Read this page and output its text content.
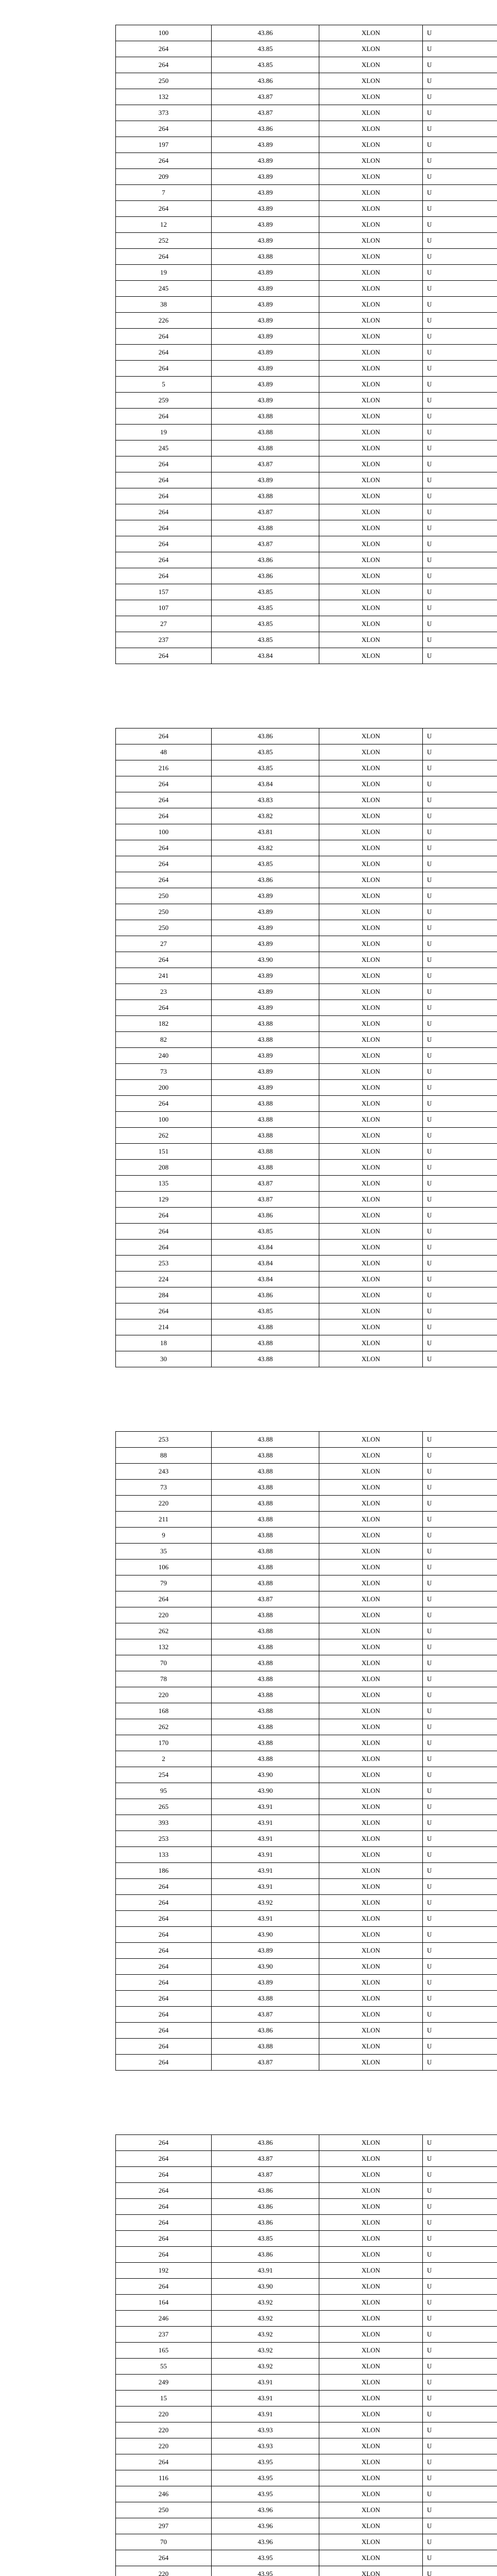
100	43.86	XLON	U
264	43.85	XLON	U
264	43.85	XLON	U
250	43.86	XLON	U
132	43.87	XLON	U
373	43.87	XLON	U
264	43.86	XLON	U
197	43.89	XLON	U
264	43.89	XLON	U
209	43.89	XLON	U
7	43.89	XLON	U
264	43.89	XLON	U
12	43.89	XLON	U
252	43.89	XLON	U
264	43.88	XLON	U
19	43.89	XLON	U
245	43.89	XLON	U
38	43.89	XLON	U
226	43.89	XLON	U
264	43.89	XLON	U
264	43.89	XLON	U
264	43.89	XLON	U
5	43.89	XLON	U
259	43.89	XLON	U
264	43.88	XLON	U
19	43.88	XLON	U
245	43.88	XLON	U
264	43.87	XLON	U
264	43.89	XLON	U
264	43.88	XLON	U
264	43.87	XLON	U
264	43.88	XLON	U
264	43.87	XLON	U
264	43.86	XLON	U
264	43.86	XLON	U
157	43.85	XLON	U
107	43.85	XLON	U
27	43.85	XLON	U
237	43.85	XLON	U
264	43.84	XLON	U
264	43.86	XLON	U
48	43.85	XLON	U
216	43.85	XLON	U
264	43.84	XLON	U
264	43.83	XLON	U
264	43.82	XLON	U
100	43.81	XLON	U
264	43.82	XLON	U
264	43.85	XLON	U
264	43.86	XLON	U
250	43.89	XLON	U
250	43.89	XLON	U
250	43.89	XLON	U
27	43.89	XLON	U
264	43.90	XLON	U
241	43.89	XLON	U
23	43.89	XLON	U
264	43.89	XLON	U
182	43.88	XLON	U
82	43.88	XLON	U
240	43.89	XLON	U
73	43.89	XLON	U
200	43.89	XLON	U
264	43.88	XLON	U
100	43.88	XLON	U
262	43.88	XLON	U
151	43.88	XLON	U
208	43.88	XLON	U
135	43.87	XLON	U
129	43.87	XLON	U
264	43.86	XLON	U
264	43.85	XLON	U
264	43.84	XLON	U
253	43.84	XLON	U
224	43.84	XLON	U
284	43.86	XLON	U
264	43.85	XLON	U
214	43.88	XLON	U
18	43.88	XLON	U
30	43.88	XLON	U
253	43.88	XLON	U
88	43.88	XLON	U
243	43.88	XLON	U
73	43.88	XLON	U
220	43.88	XLON	U
211	43.88	XLON	U
9	43.88	XLON	U
35	43.88	XLON	U
106	43.88	XLON	U
79	43.88	XLON	U
264	43.87	XLON	U
220	43.88	XLON	U
262	43.88	XLON	U
132	43.88	XLON	U
70	43.88	XLON	U
78	43.88	XLON	U
220	43.88	XLON	U
168	43.88	XLON	U
262	43.88	XLON	U
170	43.88	XLON	U
2	43.88	XLON	U
254	43.90	XLON	U
95	43.90	XLON	U
265	43.91	XLON	U
393	43.91	XLON	U
253	43.91	XLON	U
133	43.91	XLON	U
186	43.91	XLON	U
264	43.91	XLON	U
264	43.92	XLON	U
264	43.91	XLON	U
264	43.90	XLON	U
264	43.89	XLON	U
264	43.90	XLON	U
264	43.89	XLON	U
264	43.88	XLON	U
264	43.87	XLON	U
264	43.86	XLON	U
264	43.88	XLON	U
264	43.87	XLON	U
264	43.86	XLON	U
264	43.87	XLON	U
264	43.87	XLON	U
264	43.86	XLON	U
264	43.86	XLON	U
264	43.86	XLON	U
264	43.85	XLON	U
264	43.86	XLON	U
192	43.91	XLON	U
264	43.90	XLON	U
164	43.92	XLON	U
246	43.92	XLON	U
237	43.92	XLON	U
165	43.92	XLON	U
55	43.92	XLON	U
249	43.91	XLON	U
15	43.91	XLON	U
220	43.91	XLON	U
220	43.93	XLON	U
220	43.93	XLON	U
264	43.95	XLON	U
116	43.95	XLON	U
246	43.95	XLON	U
250	43.96	XLON	U
297	43.96	XLON	U
70	43.96	XLON	U
264	43.95	XLON	U
220	43.95	XLON	U
